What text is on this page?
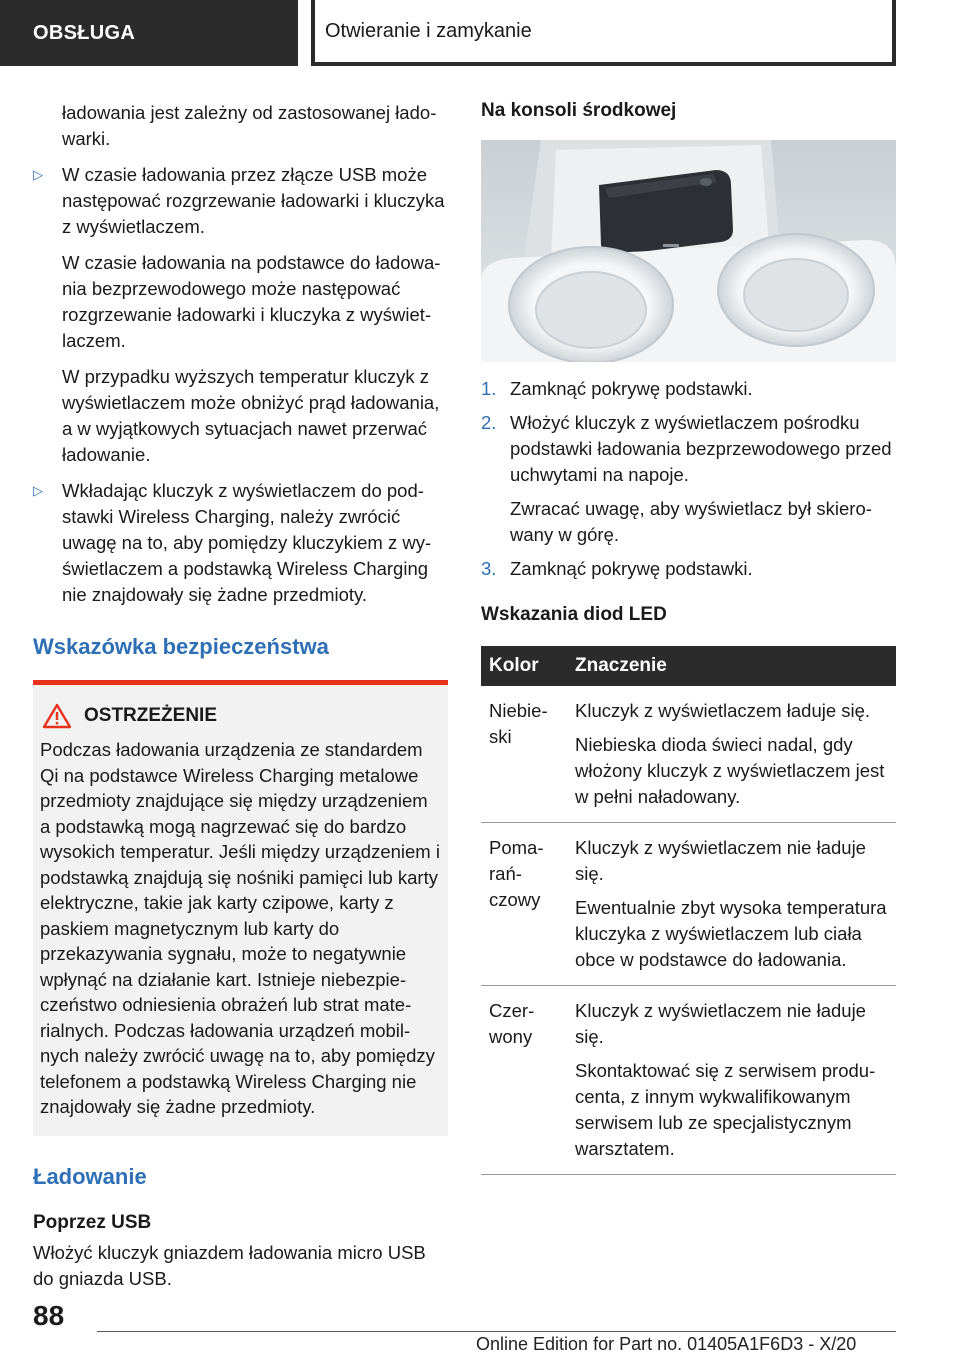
OBSŁUGA	Otwieranie i zamykanie

ładowania jest zależny od zastosowanej ładowarki.

▷ W czasie ładowania przez złącze USB może następować rozgrzewanie ładowarki i kluczyka z wyświetlaczem.

W czasie ładowania na podstawce do ładowania bezprzewodowego może następować rozgrzewanie ładowarki i kluczyka z wyświetlaczem.

W przypadku wyższych temperatur kluczyk z wyświetlaczem może obniżyć prąd ładowania, a w wyjątkowych sytuacjach nawet przerwać ładowanie.

▷ Wkładając kluczyk z wyświetlaczem do podstawki Wireless Charging, należy zwrócić uwagę na to, aby pomiędzy kluczykiem z wyświetlaczem a podstawką Wireless Charging nie znajdowały się żadne przedmioty.

Wskazówka bezpieczeństwa
OSTRZEŻENIE

Podczas ładowania urządzenia ze standardem Qi na podstawce Wireless Charging metalowe przedmioty znajdujące się między urządzeniem a podstawką mogą nagrzewać się do bardzo wysokich temperatur. Jeśli między urządzeniem i podstawką znajdują się nośniki pamięci lub karty elektryczne, takie jak karty czipowe, karty z paskiem magnetycznym lub karty do przekazywania sygnału, może to negatywnie wpłynąć na działanie kart. Istnieje niebezpieczeństwo odniesienia obrażeń lub strat materialnych. Podczas ładowania urządzeń mobilnych należy zwrócić uwagę na to, aby pomiędzy telefonem a podstawką Wireless Charging nie znajdowały się żadne przedmioty.

Ładowanie
Poprzez USB

Włożyć kluczyk gniazdem ładowania micro USB do gniazda USB.

Na konsoli środkowej
1. Zamknąć pokrywę podstawki.

2. Włożyć kluczyk z wyświetlaczem pośrodku podstawki ładowania bezprzewodowego przed uchwytami na napoje.

Zwracać uwagę, aby wyświetlacz był skierowany w górę.

3. Zamknąć pokrywę podstawki.

Wskazania diod LED
Kolor	Znaczenie
Niebieski	Kluczyk z wyświetlaczem ładuje się.

Niebieska dioda świeci nadal, gdy włożony kluczyk z wyświetlaczem jest w pełni naładowany.

Pomarańczowy	Kluczyk z wyświetlaczem nie ładuje się.

Ewentualnie zbyt wysoka temperatura kluczyka z wyświetlaczem lub ciała obce w podstawce do ładowania.

Czerwony	Kluczyk z wyświetlaczem nie ładuje się.

Skontaktować się z serwisem producenta, z innym wykwalifikowanym serwisem lub ze specjalistycznym warsztatem.

88
Online Edition for Part no. 01405A1F6D3 - X/20
